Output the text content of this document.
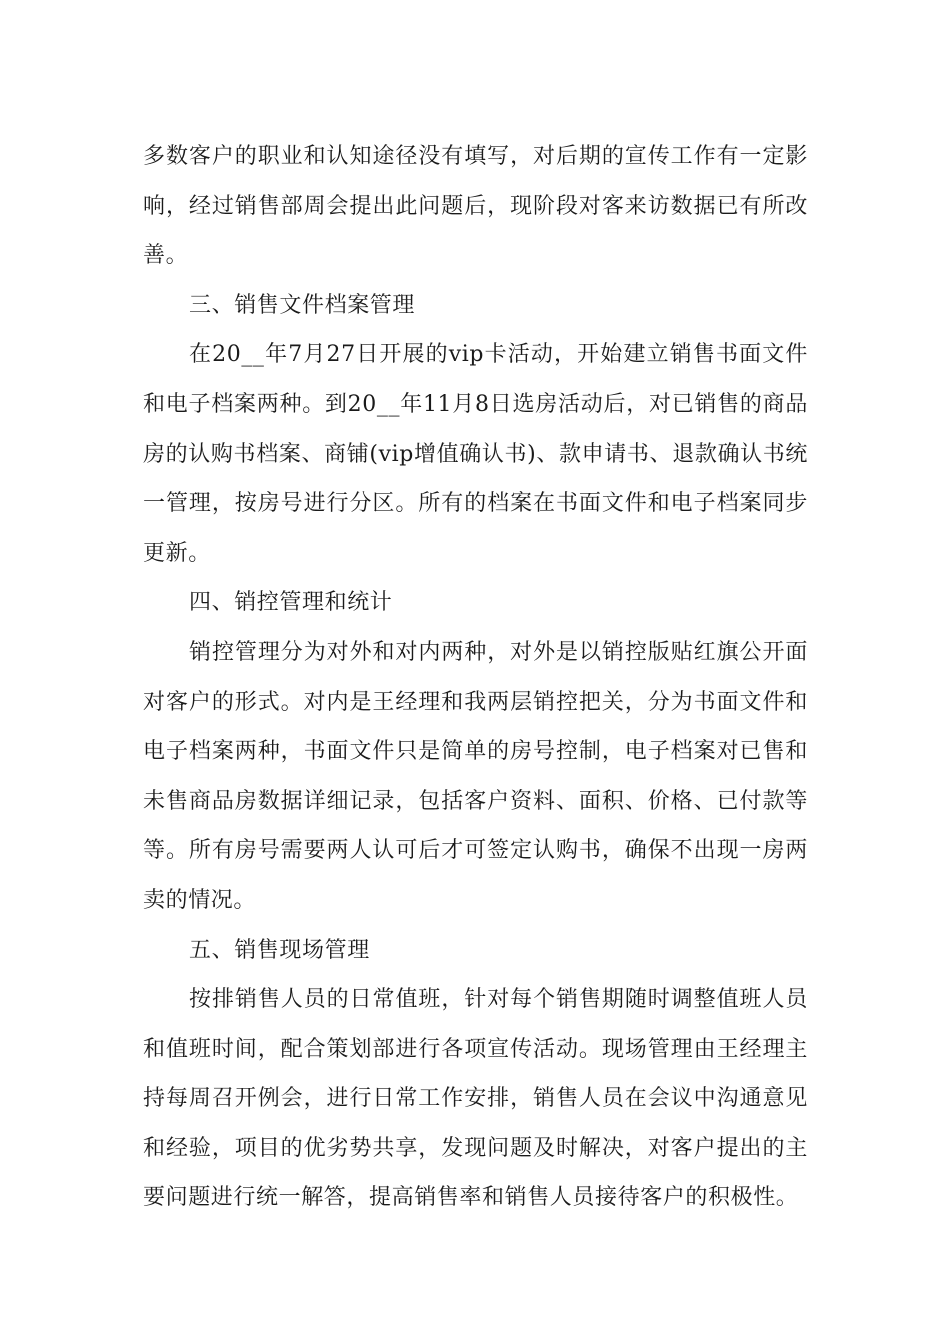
多数客户的职业和认知途径没有填写，对后期的宣传工作有一定影响，经过销售部周会提出此问题后，现阶段对客来访数据已有所改善。

三、销售文件档案管理

在20__年7月27日开展的vip卡活动，开始建立销售书面文件和电子档案两种。到20__年11月8日选房活动后，对已销售的商品房的认购书档案、商铺(vip增值确认书)、款申请书、退款确认书统一管理，按房号进行分区。所有的档案在书面文件和电子档案同步更新。

四、销控管理和统计

销控管理分为对外和对内两种，对外是以销控版贴红旗公开面对客户的形式。对内是王经理和我两层销控把关，分为书面文件和电子档案两种，书面文件只是简单的房号控制，电子档案对已售和未售商品房数据详细记录，包括客户资料、面积、价格、已付款等等。所有房号需要两人认可后才可签定认购书，确保不出现一房两卖的情况。

五、销售现场管理

按排销售人员的日常值班，针对每个销售期随时调整值班人员和值班时间，配合策划部进行各项宣传活动。现场管理由王经理主持每周召开例会，进行日常工作安排，销售人员在会议中沟通意见和经验，项目的优劣势共享，发现问题及时解决，对客户提出的主要问题进行统一解答，提高销售率和销售人员接待客户的积极性。
